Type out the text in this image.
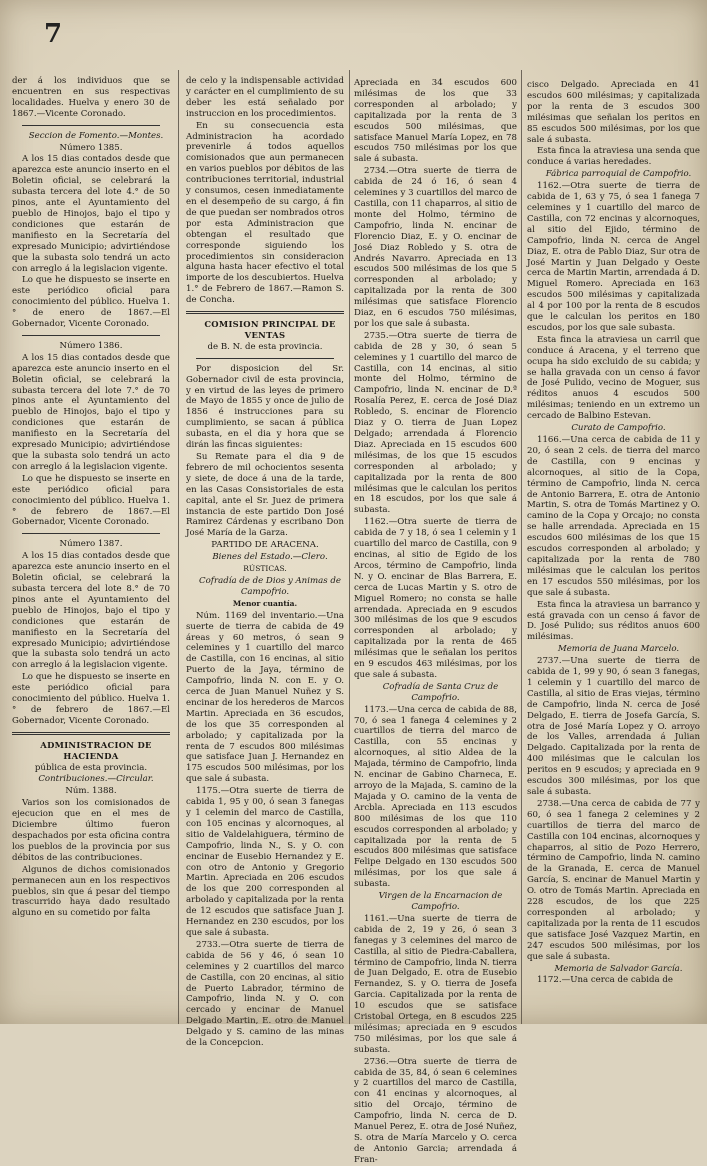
7

der á los individuos que se encuentren en sus respectivas localidades. Huelva y enero 30 de 1867.—Vicente Coronado.

Seccion de Fomento.—Montes.

Número 1385.

A los 15 dias contados desde que aparezca este anuncio inserto en el Boletin oficial, se celebrará la subasta tercera del lote 4.° de 50 pinos, ante el Ayuntamiento del pueblo de Hinojos, bajo el tipo y condiciones que estarán de manifiesto en la Secretaría del expresado Municipio; advirtiéndose que la subasta solo tendrá un acto con arreglo á la legislacion vigente.

Lo que he dispuesto se inserte en este periódico oficial para conocimiento del público. Huelva 1.° de enero de 1867.—El Gobernador, Vicente Coronado.

Número 1386.

A los 15 dias contados desde que aparezca este anuncio inserto en el Boletin oficial, se celebrará la subasta tercera del lote 7.° de 70 pinos ante el Ayuntamiento del pueblo de Hinojos, bajo el tipo y condiciones que estarán de manifiesto en la Secretaría del expresado Municipio; advirtiéndose que la subasta solo tendrá un acto con arreglo á la legislacion vigente.

Lo que he dispuesto se inserte en este periódico oficial para conocimiento del público. Huelva 1.° de febrero de 1867.—El Gobernador, Vicente Coronado.

Número 1387.

A los 15 dias contados desde que aparezca este anuncio inserto en el Boletin oficial, se celebrará la subasta tercera del lote 8.° de 70 pinos ante el Ayuntamiento del pueblo de Hinojos, bajo el tipo y condiciones que estarán de manifiesto en la Secretaría del expresado Municipio; advirtiéndose que la subasta solo tendrá un acto con arreglo á la legislacion vigente.

Lo que he dispuesto se inserte en este periódico oficial para conocimiento del público. Huelva 1.° de febrero de 1867.—El Gobernador, Vicente Coronado.

ADMINISTRACION DE HACIENDA

pública de esta provincia.

Contribuciones.—Circular.

Núm. 1388.

Varios son los comisionados de ejecucion que en el mes de Diciembre último fueron despachados por esta oficina contra los pueblos de la provincia por sus débitos de las contribuciones.

Algunos de dichos comisionados permanecen aun en los respectivos pueblos, sin que á pesar del tiempo trascurrido haya dado resultado alguno en su cometido por falta

de celo y la indispensable actividad y carácter en el cumplimiento de su deber les está señalado por instruccion en los procedimientos.

En su consecuencia esta Administracion ha acordado prevenirle á todos aquellos comisionados que aun permanecen en varios pueblos por débitos de las contribuciones territorial, industrial y consumos, cesen inmediatamente en el desempeño de su cargo, á fin de que puedan ser nombrados otros por esta Administracion que obtengan el resultado que corresponde siguiendo los procedimientos sin consideracion alguna hasta hacer efectivo el total importe de los descubiertos. Huelva 1.° de Febrero de 1867.—Ramon S. de Concha.

COMISION PRINCIPAL DE VENTAS

de B. N. de esta provincia.

Por disposicion del Sr. Gobernador civil de esta provincia, y en virtud de las leyes de primero de Mayo de 1855 y once de julio de 1856 é instrucciones para su cumplimiento, se sacan á pública subasta, en el dia y hora que se dirán las fincas siguientes:

Su Remate para el dia 9 de febrero de mil ochocientos sesenta y siete, de doce á una de la tarde, en las Casas Consistoriales de esta capital, ante el Sr. Juez de primera instancia de este partido Don José Ramirez Cárdenas y escribano Don José María de la Garza.

PARTIDO DE ARACENA.

Bienes del Estado.—Clero.

RÚSTICAS.

Cofradía de de Dios y Animas de Campofrio.

Menor cuantía.

Núm. 1169 del inventario.—Una suerte de tierra de cabida de 49 áreas y 60 metros, ó sean 9 celemines y 1 cuartillo del marco de Castilla, con 16 encinas, al sitio Puerto de la Jaya, término de Campofrio, linda N. con E. y O. cerca de Juan Manuel Nuñez y S. encinar de los herederos de Marcos Martin. Apreciada en 36 escudos, de los que 35 corresponden al arbolado; y capitalizada por la renta de 7 escudos 800 milésimas que satisface Juan J. Hernandez en 175 escudos 500 milésimas, por los que sale á subasta.

1175.—Otra suerte de tierra de cabida 1, 95 y 00, ó sean 3 fanegas y 1 celemin del marco de Castilla, con 105 encinas y alcornoques, al sitio de Valdelahiguera, término de Campofrio, linda N., S. y O. con encinar de Eusebio Hernandez y E. con otro de Antonio y Gregorio Martin. Apreciada en 206 escudos de los que 200 corresponden al arbolado y capitalizada por la renta de 12 escudos que satisface Juan J. Hernandez en 230 escudos, por los que sale á subasta.

2733.—Otra suerte de tierra de cabida de 56 y 46, ó sean 10 celemines y 2 cuartillos del marco de Castilla, con 20 encinas, al sitio de Puerto Labrador, término de Campofrio, linda N. y O. con cercado y encinar de Manuel Delgado Martin, E. otro de Manuel Delgado y S. camino de las minas de la Concepcion.

Apreciada en 34 escudos 600 milésimas de los que 33 corresponden al arbolado; y capitalizada por la renta de 3 escudos 500 milésimas, que satisface Manuel María Lopez, en 78 escudos 750 milésimas por los que sale á subasta.

2734.—Otra suerte de tierra de cabida de 24 ó 16, ó sean 4 celemines y 3 cuartillos del marco de Castilla, con 11 chaparros, al sitio de monte del Holmo, término de Campofrio, linda N. encinar de Florencio Diaz, E. y O. encinar de José Diaz Robledo y S. otra de Andrés Navarro. Apreciada en 13 escudos 500 milésimas de los que 5 corresponden al arbolado; y capitalizada por la renta de 300 milésimas que satisface Florencio Diaz, en 6 escudos 750 milésimas, por los que sale á subasta.

2735.—Otra suerte de tierra de cabida de 28 y 30, ó sean 5 celemines y 1 cuartillo del marco de Castilla, con 14 encinas, al sitio monte del Holmo, término de Campofrio, linda N. encinar de D.ª Rosalía Perez, E. cerca de José Diaz Robledo, S. encinar de Florencio Diaz y O. tierra de Juan Lopez Delgado; arrendada á Florencio Diaz. Apreciada en 15 escudos 600 milésimas, de los que 15 escudos corresponden al arbolado; y capitalizada por la renta de 800 milésimas que le calculan los peritos en 18 escudos, por los que sale á subasta.

1162.—Otra suerte de tierra de cabida de 7 y 18, ó sea 1 celemin y 1 cuartillo del marco de Castilla, con 9 encinas, al sitio de Egido de los Arcos, término de Campofrio, linda N. y O. encinar de Blas Barrera, E. cerca de Lucas Martin y S. otro de Miguel Romero; no consta se halle arrendada. Apreciada en 9 escudos 300 milésimas de los que 9 escudos corresponden al arbolado; y capitalizada por la renta de 465 milésimas que le señalan los peritos en 9 escudos 463 milésimas, por los que sale á subasta.

Cofradía de Santa Cruz de Campofrio.

1173.—Una cerca de cabida de 88, 70, ó sea 1 fanega 4 celemines y 2 cuartillos de tierra del marco de Castilla, con 55 encinas y alcornoques, al sitio Aldea de la Majada, término de Campofrio, linda N. encinar de Gabino Charneca, E. arroyo de la Majada, S. camino de la Majada y O. camino de la venta de Arcbla. Apreciada en 113 escudos 800 milésimas de los que 110 escudos corresponden al arbolado; y capitalizada por la renta de 5 escudos 800 milésimas que satisface Felipe Delgado en 130 escudos 500 milésimas, por los que sale á subasta.

Virgen de la Encarnacion de Campofrio.

1161.—Una suerte de tierra de cabida de 2, 19 y 26, ó sean 3 fanegas y 3 celemines del marco de Castilla, al sitio de Piedra-Caballera, término de Campofrio, linda N. tierra de Juan Delgado, E. otra de Eusebio Fernandez, S. y O. tierra de Josefa Garcia. Capitalizada por la renta de 10 escudos que se satisface Cristobal Ortega, en 8 escudos 225 milésimas; apreciada en 9 escudos 750 milésimas, por los que sale á subasta.

2736.—Otra suerte de tierra de cabida de 35, 84, ó sean 6 celemines y 2 cuartillos del marco de Castilla, con 41 encinas y alcornoques, al sitio del Orcajo, término de Campofrio, linda N. cerca de D. Manuel Perez, E. otra de José Nuñez, S. otra de María Marcelo y O. cerca de Antonio Garcia; arrendada á Fran-

cisco Delgado. Apreciada en 41 escudos 600 milésimas; y capitalizada por la renta de 3 escudos 300 milésimas que señalan los peritos en 85 escudos 500 milésimas, por los que sale á subasta.

Esta finca la atraviesa una senda que conduce á varias heredades.

Fábrica parroquial de Campofrio.

1162.—Otra suerte de tierra de cabida de 1, 63 y 75, ó sea 1 fanega 7 celemines y 1 cuartillo del marco de Castilla, con 72 encinas y alcornoques, al sitio del Ejido, término de Campofrio, linda N. cerca de Angel Diaz, E. otra de Pablo Diaz, Sur otra de José Martin y Juan Delgado y Oeste cerca de Martin Martin, arrendada á D. Miguel Romero. Apreciada en 163 escudos 500 milésimas y capitalizada al 4 por 100 por la renta de 8 escudos que le calculan los peritos en 180 escudos, por los que sale subasta.

Esta finca la atraviesa un carril que conduce á Aracena, y el terreno que ocupa ha sido excluido de su cabida; y se halla gravada con un censo á favor de José Pulido, vecino de Moguer, sus réditos anuos 4 escudos 500 milésimas; teniendo en un extremo un cercado de Balbino Estevan.

Curato de Campofrio.

1166.—Una cerca de cabida de 11 y 20, ó sean 2 cels. de tierra del marco de Castilla, con 9 encinas y alcornoques, al sitio de la Copa, término de Campofrio, linda N. cerca de Antonio Barrera, E. otra de Antonio Martin, S. otra de Tomás Martinez y O. camino de la Copa y Orcajo; no consta se halle arrendada. Apreciada en 15 escudos 600 milésimas de los que 15 escudos corresponden al arbolado; y capitalizada por la renta de 780 milésimas que le calculan los peritos en 17 escudos 550 milésimas, por los que sale á subasta.

Esta finca la atraviesa un barranco y está gravada con un censo á favor de D. José Pulido; sus réditos anuos 600 milésimas.

Memoria de Juana Marcelo.

2737.—Una suerte de tierra de cabida de 1, 99 y 90, ó sean 3 fanegas, 1 celemin y 1 cuartillo del marco de Castilla, al sitio de Eras viejas, término de Campofrio, linda N. cerca de José Delgado, E. tierra de Josefa García, S. otra de José María Lopez y O. arroyo de los Valles, arrendada á Julian Delgado. Capitalizada por la renta de 400 milésimas que le calculan los peritos en 9 escudos; y apreciada en 9 escudos 300 milésimas, por los que sale á subasta.

2738.—Una cerca de cabida de 77 y 60, ó sea 1 fanega 2 celemines y 2 cuartillos de tierra del marco de Castilla con 104 encinas, alcornoques y chaparros, al sitio de Pozo Herrero, término de Campofrio, linda N. camino de la Granada, E. cerca de Manuel García, S. encinar de Manuel Martin y O. otro de Tomás Martin. Apreciada en 228 escudos, de los que 225 corresponden al arbolado; y capitalizada por la renta de 11 escudos que satisface José Vazquez Martin, en 247 escudos 500 milésimas, por los que sale á subasta.

Memoria de Salvador García.

1172.—Una cerca de cabida de
